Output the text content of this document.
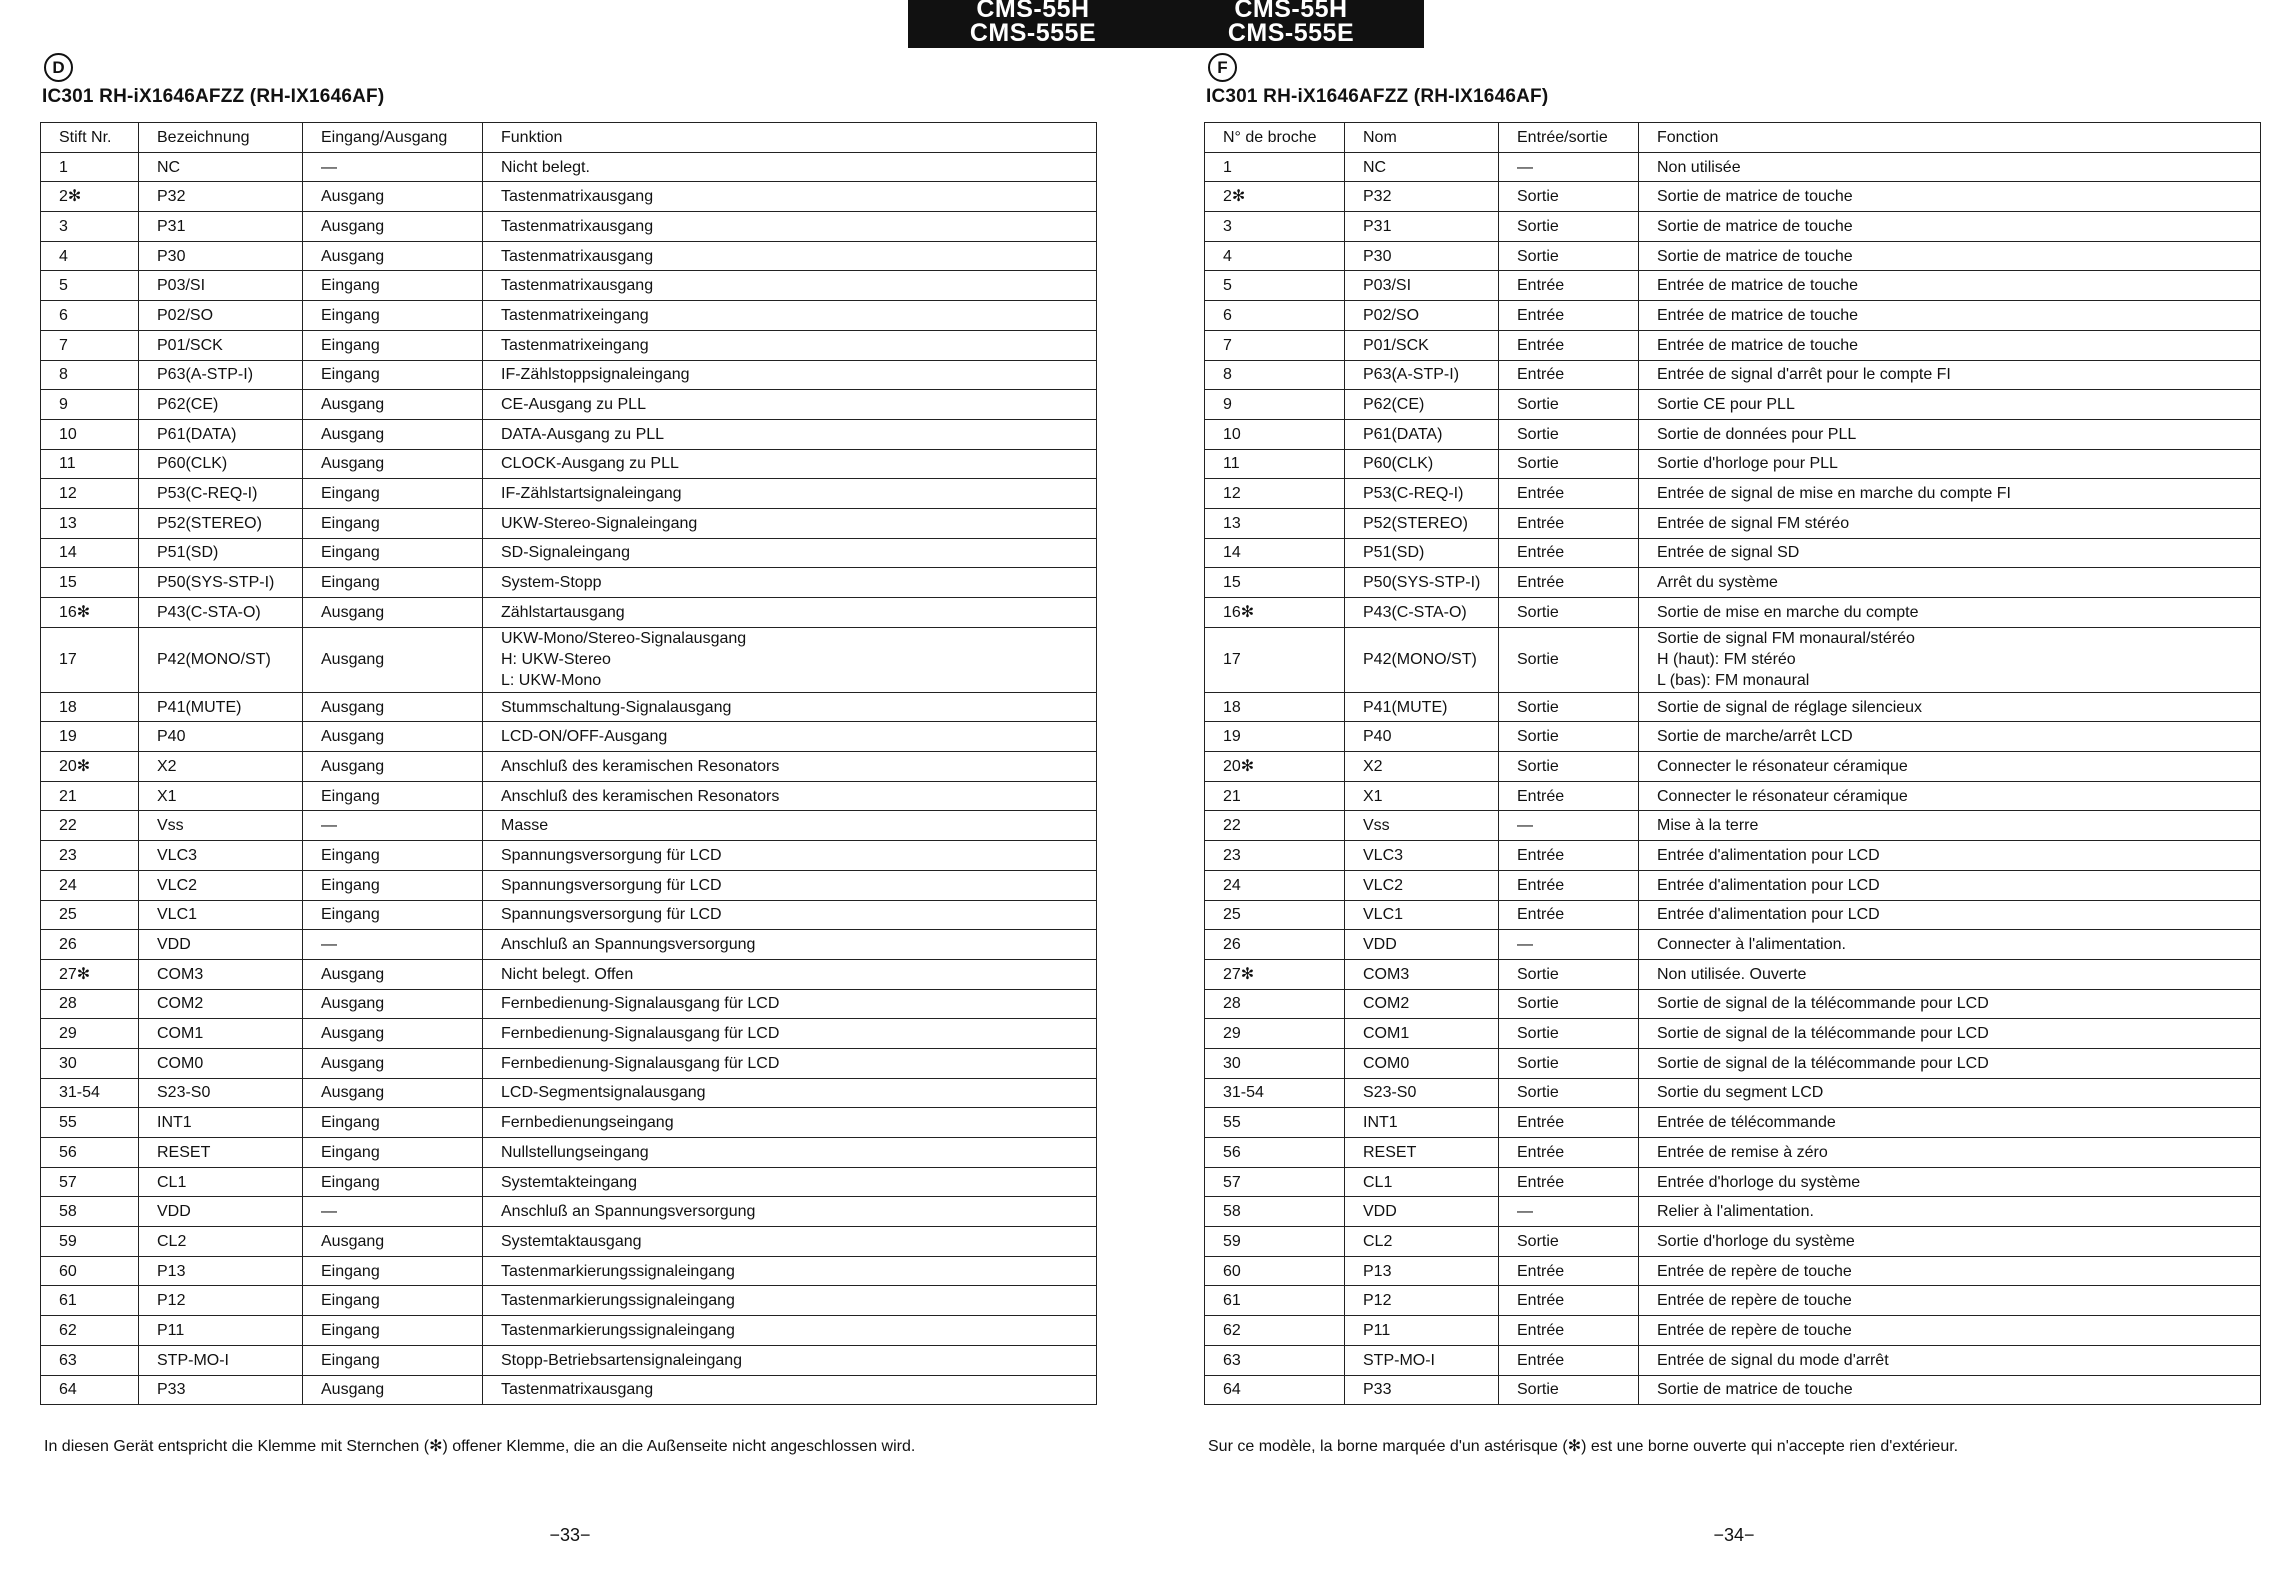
CMS-55H
CMS-555E
CMS-55H
CMS-555E
D
IC301 RH-iX1646AFZZ (RH-IX1646AF)
Stift Nr.	Bezeichnung	Eingang/Ausgang	Funktion
1	NC	—	Nicht belegt.
2✻	P32	Ausgang	Tastenmatrixausgang
3	P31	Ausgang	Tastenmatrixausgang
4	P30	Ausgang	Tastenmatrixausgang
5	P03/SI	Eingang	Tastenmatrixausgang
6	P02/SO	Eingang	Tastenmatrixeingang
7	P01/SCK	Eingang	Tastenmatrixeingang
8	P63(A-STP-I)	Eingang	IF-Zählstoppsignaleingang
9	P62(CE)	Ausgang	CE-Ausgang zu PLL
10	P61(DATA)	Ausgang	DATA-Ausgang zu PLL
11	P60(CLK)	Ausgang	CLOCK-Ausgang zu PLL
12	P53(C-REQ-I)	Eingang	IF-Zählstartsignaleingang
13	P52(STEREO)	Eingang	UKW-Stereo-Signaleingang
14	P51(SD)	Eingang	SD-Signaleingang
15	P50(SYS-STP-I)	Eingang	System-Stopp
16✻	P43(C-STA-O)	Ausgang	Zählstartausgang
17	P42(MONO/ST)	Ausgang	UKW-Mono/Stereo-Signalausgang
H: UKW-Stereo
L: UKW-Mono
18	P41(MUTE)	Ausgang	Stummschaltung-Signalausgang
19	P40	Ausgang	LCD-ON/OFF-Ausgang
20✻	X2	Ausgang	Anschluß des keramischen Resonators
21	X1	Eingang	Anschluß des keramischen Resonators
22	Vss	—	Masse
23	VLC3	Eingang	Spannungsversorgung für LCD
24	VLC2	Eingang	Spannungsversorgung für LCD
25	VLC1	Eingang	Spannungsversorgung für LCD
26	VDD	—	Anschluß an Spannungsversorgung
27✻	COM3	Ausgang	Nicht belegt. Offen
28	COM2	Ausgang	Fernbedienung-Signalausgang für LCD
29	COM1	Ausgang	Fernbedienung-Signalausgang für LCD
30	COM0	Ausgang	Fernbedienung-Signalausgang für LCD
31-54	S23-S0	Ausgang	LCD-Segmentsignalausgang
55	INT1	Eingang	Fernbedienungseingang
56	RESET	Eingang	Nullstellungseingang
57	CL1	Eingang	Systemtakteingang
58	VDD	—	Anschluß an Spannungsversorgung
59	CL2	Ausgang	Systemtaktausgang
60	P13	Eingang	Tastenmarkierungssignaleingang
61	P12	Eingang	Tastenmarkierungssignaleingang
62	P11	Eingang	Tastenmarkierungssignaleingang
63	STP-MO-I	Eingang	Stopp-Betriebsartensignaleingang
64	P33	Ausgang	Tastenmatrixausgang
In diesen Gerät entspricht die Klemme mit Sternchen (✻) offener Klemme, die an die Außenseite nicht angeschlossen wird.
−33−
F
IC301 RH-iX1646AFZZ (RH-IX1646AF)
N° de broche	Nom	Entrée/sortie	Fonction
1	NC	—	Non utilisée
2✻	P32	Sortie	Sortie de matrice de touche
3	P31	Sortie	Sortie de matrice de touche
4	P30	Sortie	Sortie de matrice de touche
5	P03/SI	Entrée	Entrée de matrice de touche
6	P02/SO	Entrée	Entrée de matrice de touche
7	P01/SCK	Entrée	Entrée de matrice de touche
8	P63(A-STP-I)	Entrée	Entrée de signal d'arrêt pour le compte FI
9	P62(CE)	Sortie	Sortie CE pour PLL
10	P61(DATA)	Sortie	Sortie de données pour PLL
11	P60(CLK)	Sortie	Sortie d'horloge pour PLL
12	P53(C-REQ-I)	Entrée	Entrée de signal de mise en marche du compte FI
13	P52(STEREO)	Entrée	Entrée de signal FM stéréo
14	P51(SD)	Entrée	Entrée de signal SD
15	P50(SYS-STP-I)	Entrée	Arrêt du système
16✻	P43(C-STA-O)	Sortie	Sortie de mise en marche du compte
17	P42(MONO/ST)	Sortie	Sortie de signal FM monaural/stéréo
H (haut): FM stéréo
L (bas): FM monaural
18	P41(MUTE)	Sortie	Sortie de signal de réglage silencieux
19	P40	Sortie	Sortie de marche/arrêt LCD
20✻	X2	Sortie	Connecter le résonateur céramique
21	X1	Entrée	Connecter le résonateur céramique
22	Vss	—	Mise à la terre
23	VLC3	Entrée	Entrée d'alimentation pour LCD
24	VLC2	Entrée	Entrée d'alimentation pour LCD
25	VLC1	Entrée	Entrée d'alimentation pour LCD
26	VDD	—	Connecter à l'alimentation.
27✻	COM3	Sortie	Non utilisée. Ouverte
28	COM2	Sortie	Sortie de signal de la télécommande pour LCD
29	COM1	Sortie	Sortie de signal de la télécommande pour LCD
30	COM0	Sortie	Sortie de signal de la télécommande pour LCD
31-54	S23-S0	Sortie	Sortie du segment LCD
55	INT1	Entrée	Entrée de télécommande
56	RESET	Entrée	Entrée de remise à zéro
57	CL1	Entrée	Entrée d'horloge du système
58	VDD	—	Relier à l'alimentation.
59	CL2	Sortie	Sortie d'horloge du système
60	P13	Entrée	Entrée de repère de touche
61	P12	Entrée	Entrée de repère de touche
62	P11	Entrée	Entrée de repère de touche
63	STP-MO-I	Entrée	Entrée de signal du mode d'arrêt
64	P33	Sortie	Sortie de matrice de touche
Sur ce modèle, la borne marquée d'un astérisque (✻) est une borne ouverte qui n'accepte rien d'extérieur.
−34−
